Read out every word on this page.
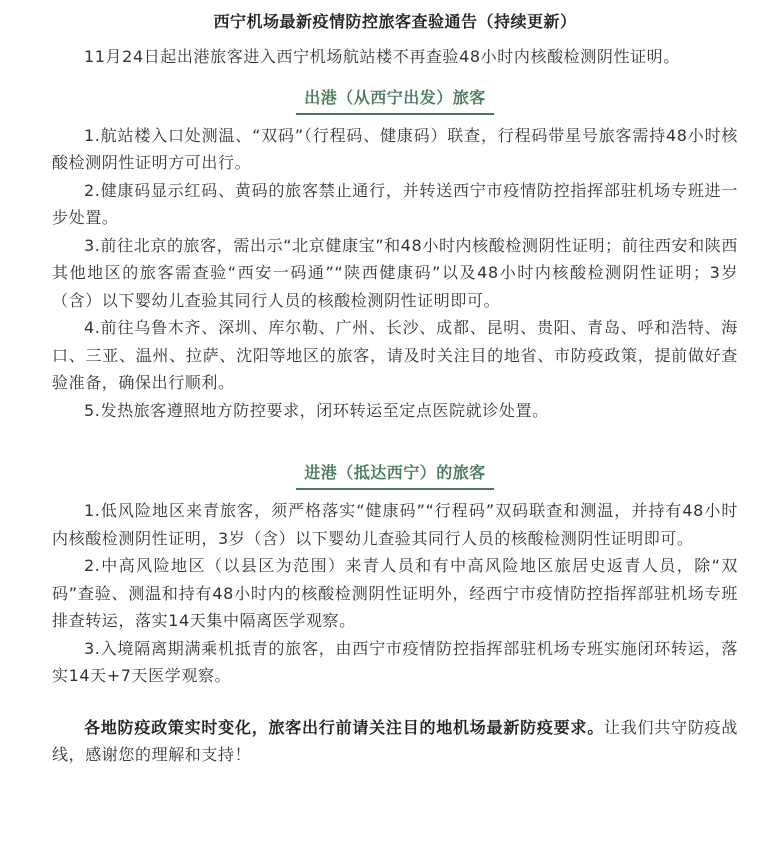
西宁机场最新疫情防控旅客查验通告（持续更新）

11月24日起出港旅客进入西宁机场航站楼不再查验48小时内核酸检测阴性证明。

出港（从西宁出发）旅客

1.航站楼入口处测温、“双码”（行程码、健康码）联查，行程码带星号旅客需持48小时核酸检测阴性证明方可出行。

2.健康码显示红码、黄码的旅客禁止通行，并转送西宁市疫情防控指挥部驻机场专班进一步处置。

3.前往北京的旅客，需出示“北京健康宝”和48小时内核酸检测阴性证明；前往西安和陕西其他地区的旅客需查验“西安一码通”“陕西健康码”以及48小时内核酸检测阴性证明；3岁（含）以下婴幼儿查验其同行人员的核酸检测阴性证明即可。

4.前往乌鲁木齐、深圳、库尔勒、广州、长沙、成都、昆明、贵阳、青岛、呼和浩特、海口、三亚、温州、拉萨、沈阳等地区的旅客，请及时关注目的地省、市防疫政策，提前做好查验准备，确保出行顺利。

5.发热旅客遵照地方防控要求，闭环转运至定点医院就诊处置。

进港（抵达西宁）的旅客

1.低风险地区来青旅客，须严格落实“健康码”“行程码”双码联查和测温，并持有48小时内核酸检测阴性证明，3岁（含）以下婴幼儿查验其同行人员的核酸检测阴性证明即可。

2.中高风险地区（以县区为范围）来青人员和有中高风险地区旅居史返青人员，除“双码”查验、测温和持有48小时内的核酸检测阴性证明外，经西宁市疫情防控指挥部驻机场专班排查转运，落实14天集中隔离医学观察。

3.入境隔离期满乘机抵青的旅客，由西宁市疫情防控指挥部驻机场专班实施闭环转运，落实14天+7天医学观察。

各地防疫政策实时变化，旅客出行前请关注目的地机场最新防疫要求。让我们共守防疫战线，感谢您的理解和支持！
